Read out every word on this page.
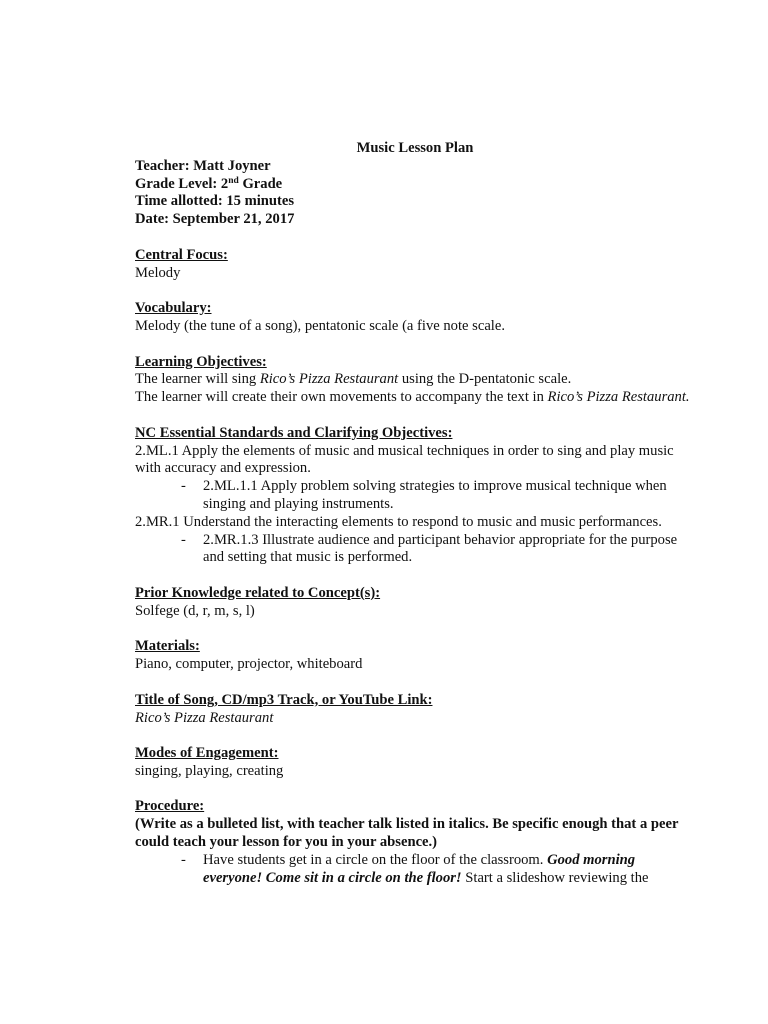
Music Lesson Plan
Teacher: Matt Joyner
Grade Level: 2nd Grade
Time allotted: 15 minutes
Date: September 21, 2017
Central Focus:
Melody
Vocabulary:
Melody (the tune of a song), pentatonic scale (a five note scale.
Learning Objectives:
The learner will sing Rico’s Pizza Restaurant using the D-pentatonic scale.
The learner will create their own movements to accompany the text in Rico’s Pizza Restaurant.
NC Essential Standards and Clarifying Objectives:
2.ML.1 Apply the elements of music and musical techniques in order to sing and play music with accuracy and expression.
- 2.ML.1.1 Apply problem solving strategies to improve musical technique when singing and playing instruments.
2.MR.1 Understand the interacting elements to respond to music and music performances.
- 2.MR.1.3 Illustrate audience and participant behavior appropriate for the purpose and setting that music is performed.
Prior Knowledge related to Concept(s):
Solfege (d, r, m, s, l)
Materials:
Piano, computer, projector, whiteboard
Title of Song, CD/mp3 Track, or YouTube Link:
Rico’s Pizza Restaurant
Modes of Engagement:
singing, playing, creating
Procedure:
(Write as a bulleted list, with teacher talk listed in italics. Be specific enough that a peer could teach your lesson for you in your absence.)
- Have students get in a circle on the floor of the classroom. Good morning everyone! Come sit in a circle on the floor! Start a slideshow reviewing the
